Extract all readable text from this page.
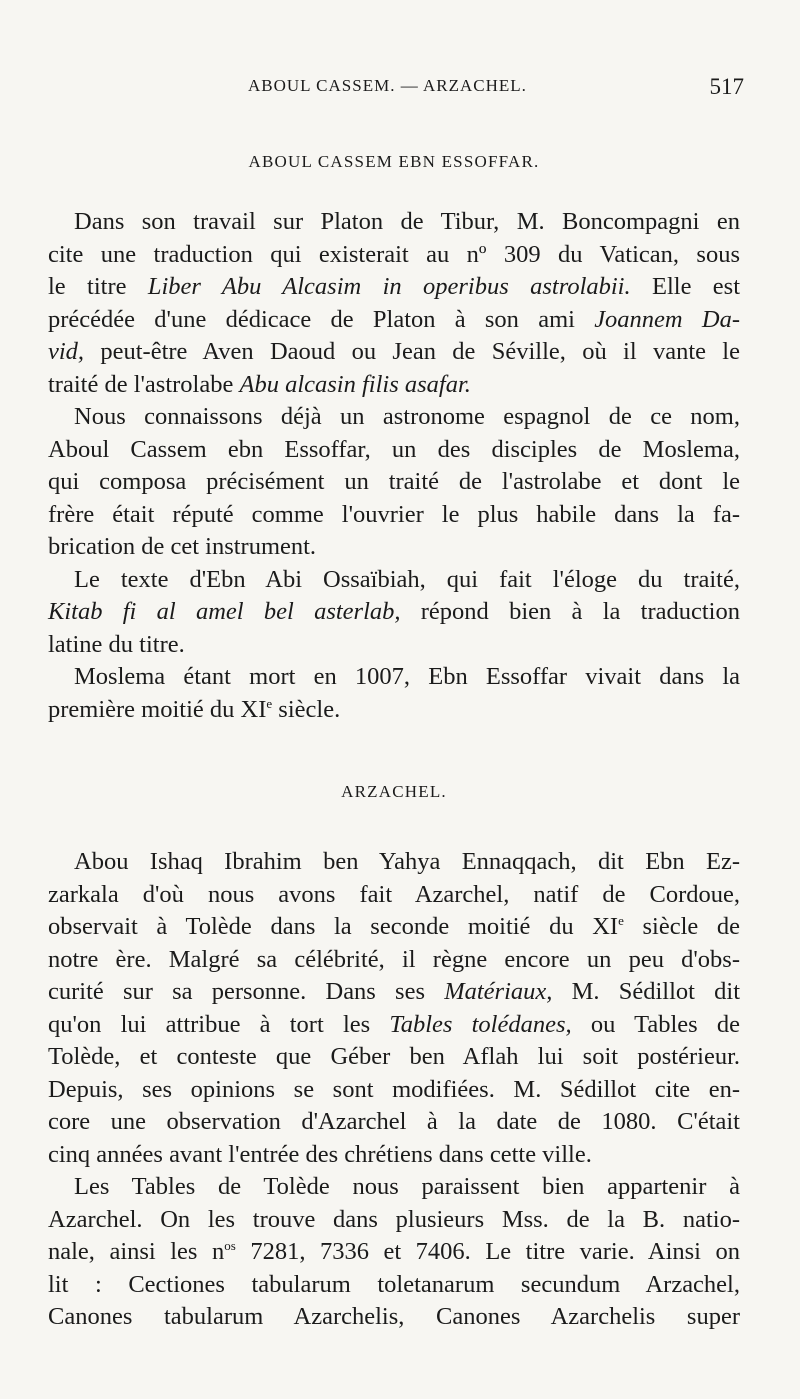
ABOUL CASSEM. — ARZACHEL.	517
ABOUL CASSEM EBN ESSOFFAR.

Dans son travail sur Platon de Tibur, M. Boncompagni en
cite une traduction qui existerait au nº 309 du Vatican, sous
le titre Liber Abu Alcasim in operibus astrolabii. Elle est
précédée d'une dédicace de Platon à son ami Joannem Da-
vid, peut-être Aven Daoud ou Jean de Séville, où il vante le
traité de l'astrolabe Abu alcasin filis asafar.

Nous connaissons déjà un astronome espagnol de ce nom,
Aboul Cassem ebn Essoffar, un des disciples de Moslema,
qui composa précisément un traité de l'astrolabe et dont le
frère était réputé comme l'ouvrier le plus habile dans la fa-
brication de cet instrument.

Le texte d'Ebn Abi Ossaïbiah, qui fait l'éloge du traité,
Kitab fi al amel bel asterlab, répond bien à la traduction
latine du titre.

Moslema étant mort en 1007, Ebn Essoffar vivait dans la
première moitié du XIe siècle.

ARZACHEL.

Abou Ishaq Ibrahim ben Yahya Ennaqqach, dit Ebn Ez-
zarkala d'où nous avons fait Azarchel, natif de Cordoue,
observait à Tolède dans la seconde moitié du XIe siècle de
notre ère. Malgré sa célébrité, il règne encore un peu d'obs-
curité sur sa personne. Dans ses Matériaux, M. Sédillot dit
qu'on lui attribue à tort les Tables tolédanes, ou Tables de
Tolède, et conteste que Géber ben Aflah lui soit postérieur.
Depuis, ses opinions se sont modifiées. M. Sédillot cite en-
core une observation d'Azarchel à la date de 1080. C'était
cinq années avant l'entrée des chrétiens dans cette ville.

Les Tables de Tolède nous paraissent bien appartenir à
Azarchel. On les trouve dans plusieurs Mss. de la B. natio-
nale, ainsi les $n^{os}$ 7281, 7336 et 7406. Le titre varie. Ainsi on
lit : Cectiones tabularum toletanarum secundum Arzachel,
Canones tabularum Azarchelis, Canones Azarchelis super
